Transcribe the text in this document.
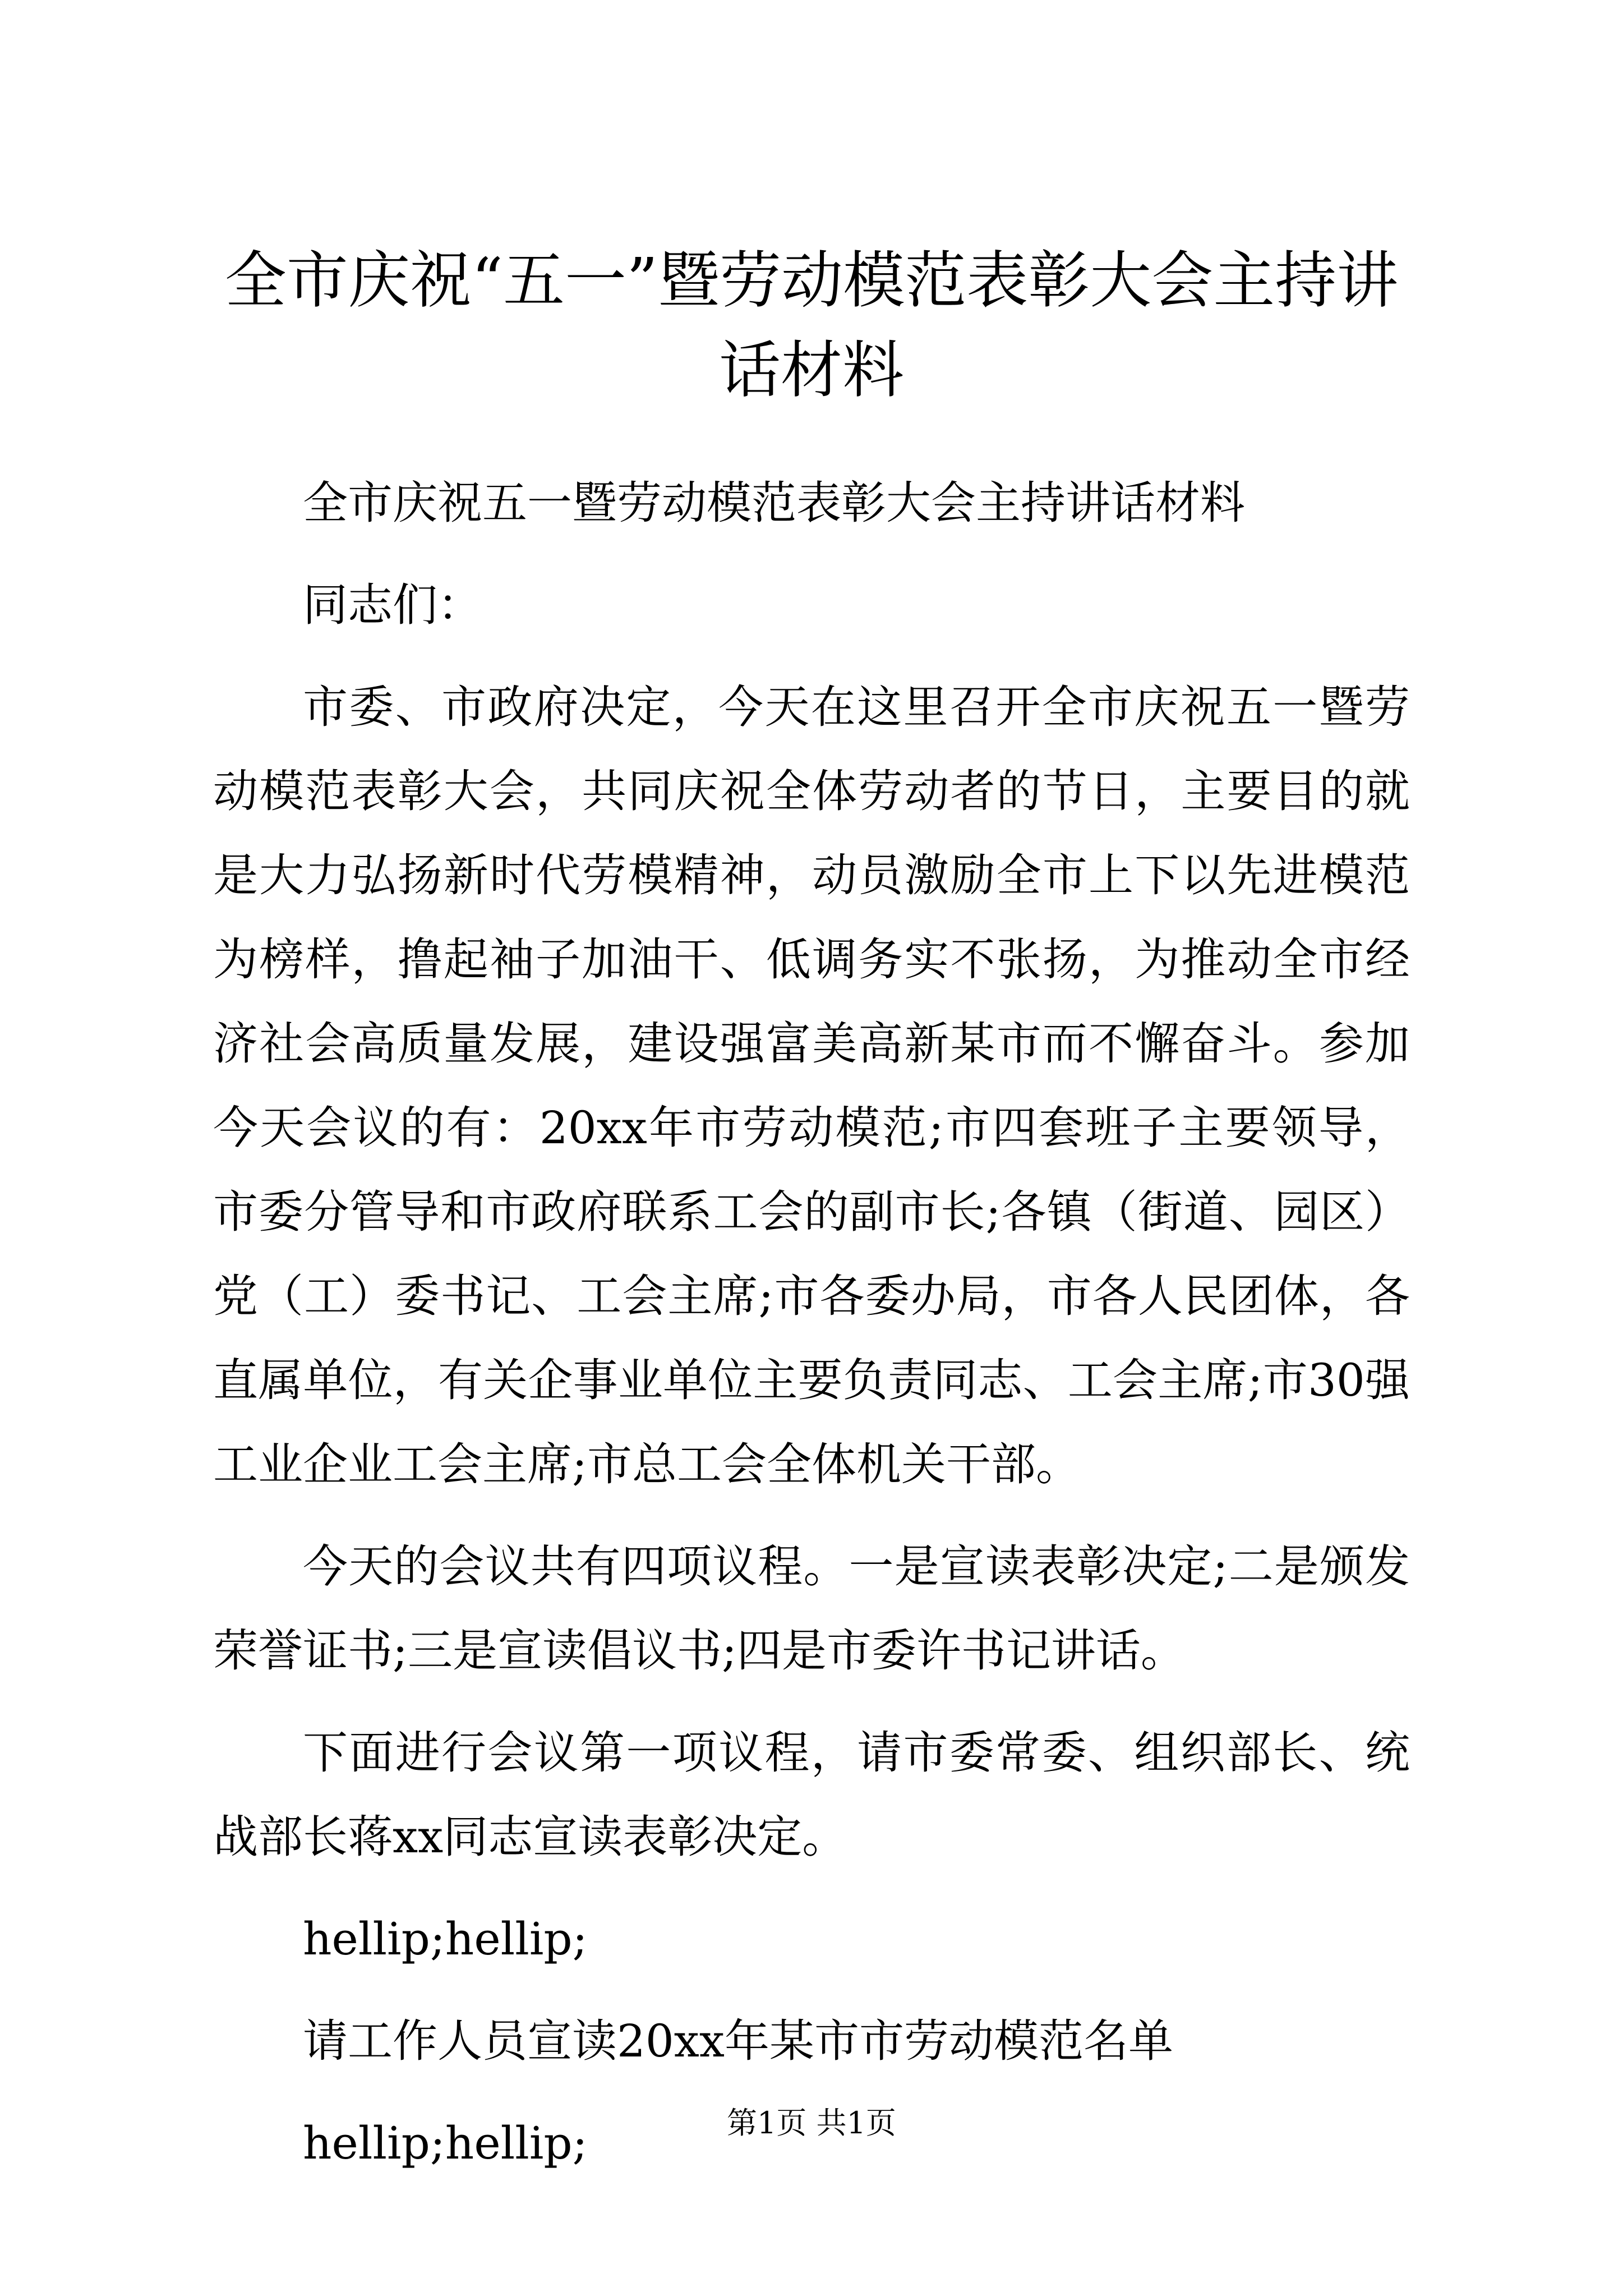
全市庆祝“五一”暨劳动模范表彰大会主持讲话材料

全市庆祝五一暨劳动模范表彰大会主持讲话材料

同志们：

市委、市政府决定，今天在这里召开全市庆祝五一暨劳动模范表彰大会，共同庆祝全体劳动者的节日，主要目的就是大力弘扬新时代劳模精神，动员激励全市上下以先进模范为榜样，撸起袖子加油干、低调务实不张扬，为推动全市经济社会高质量发展，建设强富美高新某市而不懈奋斗。参加今天会议的有：20xx年市劳动模范;市四套班子主要领导，市委分管导和市政府联系工会的副市长;各镇（街道、园区）党（工）委书记、工会主席;市各委办局，市各人民团体，各直属单位，有关企事业单位主要负责同志、工会主席;市30强工业企业工会主席;市总工会全体机关干部。

今天的会议共有四项议程。一是宣读表彰决定;二是颁发荣誉证书;三是宣读倡议书;四是市委许书记讲话。

下面进行会议第一项议程，请市委常委、组织部长、统战部长蒋xx同志宣读表彰决定。

hellip;hellip;

请工作人员宣读20xx年某市市劳动模范名单

hellip;hellip;	第1页 共1页
